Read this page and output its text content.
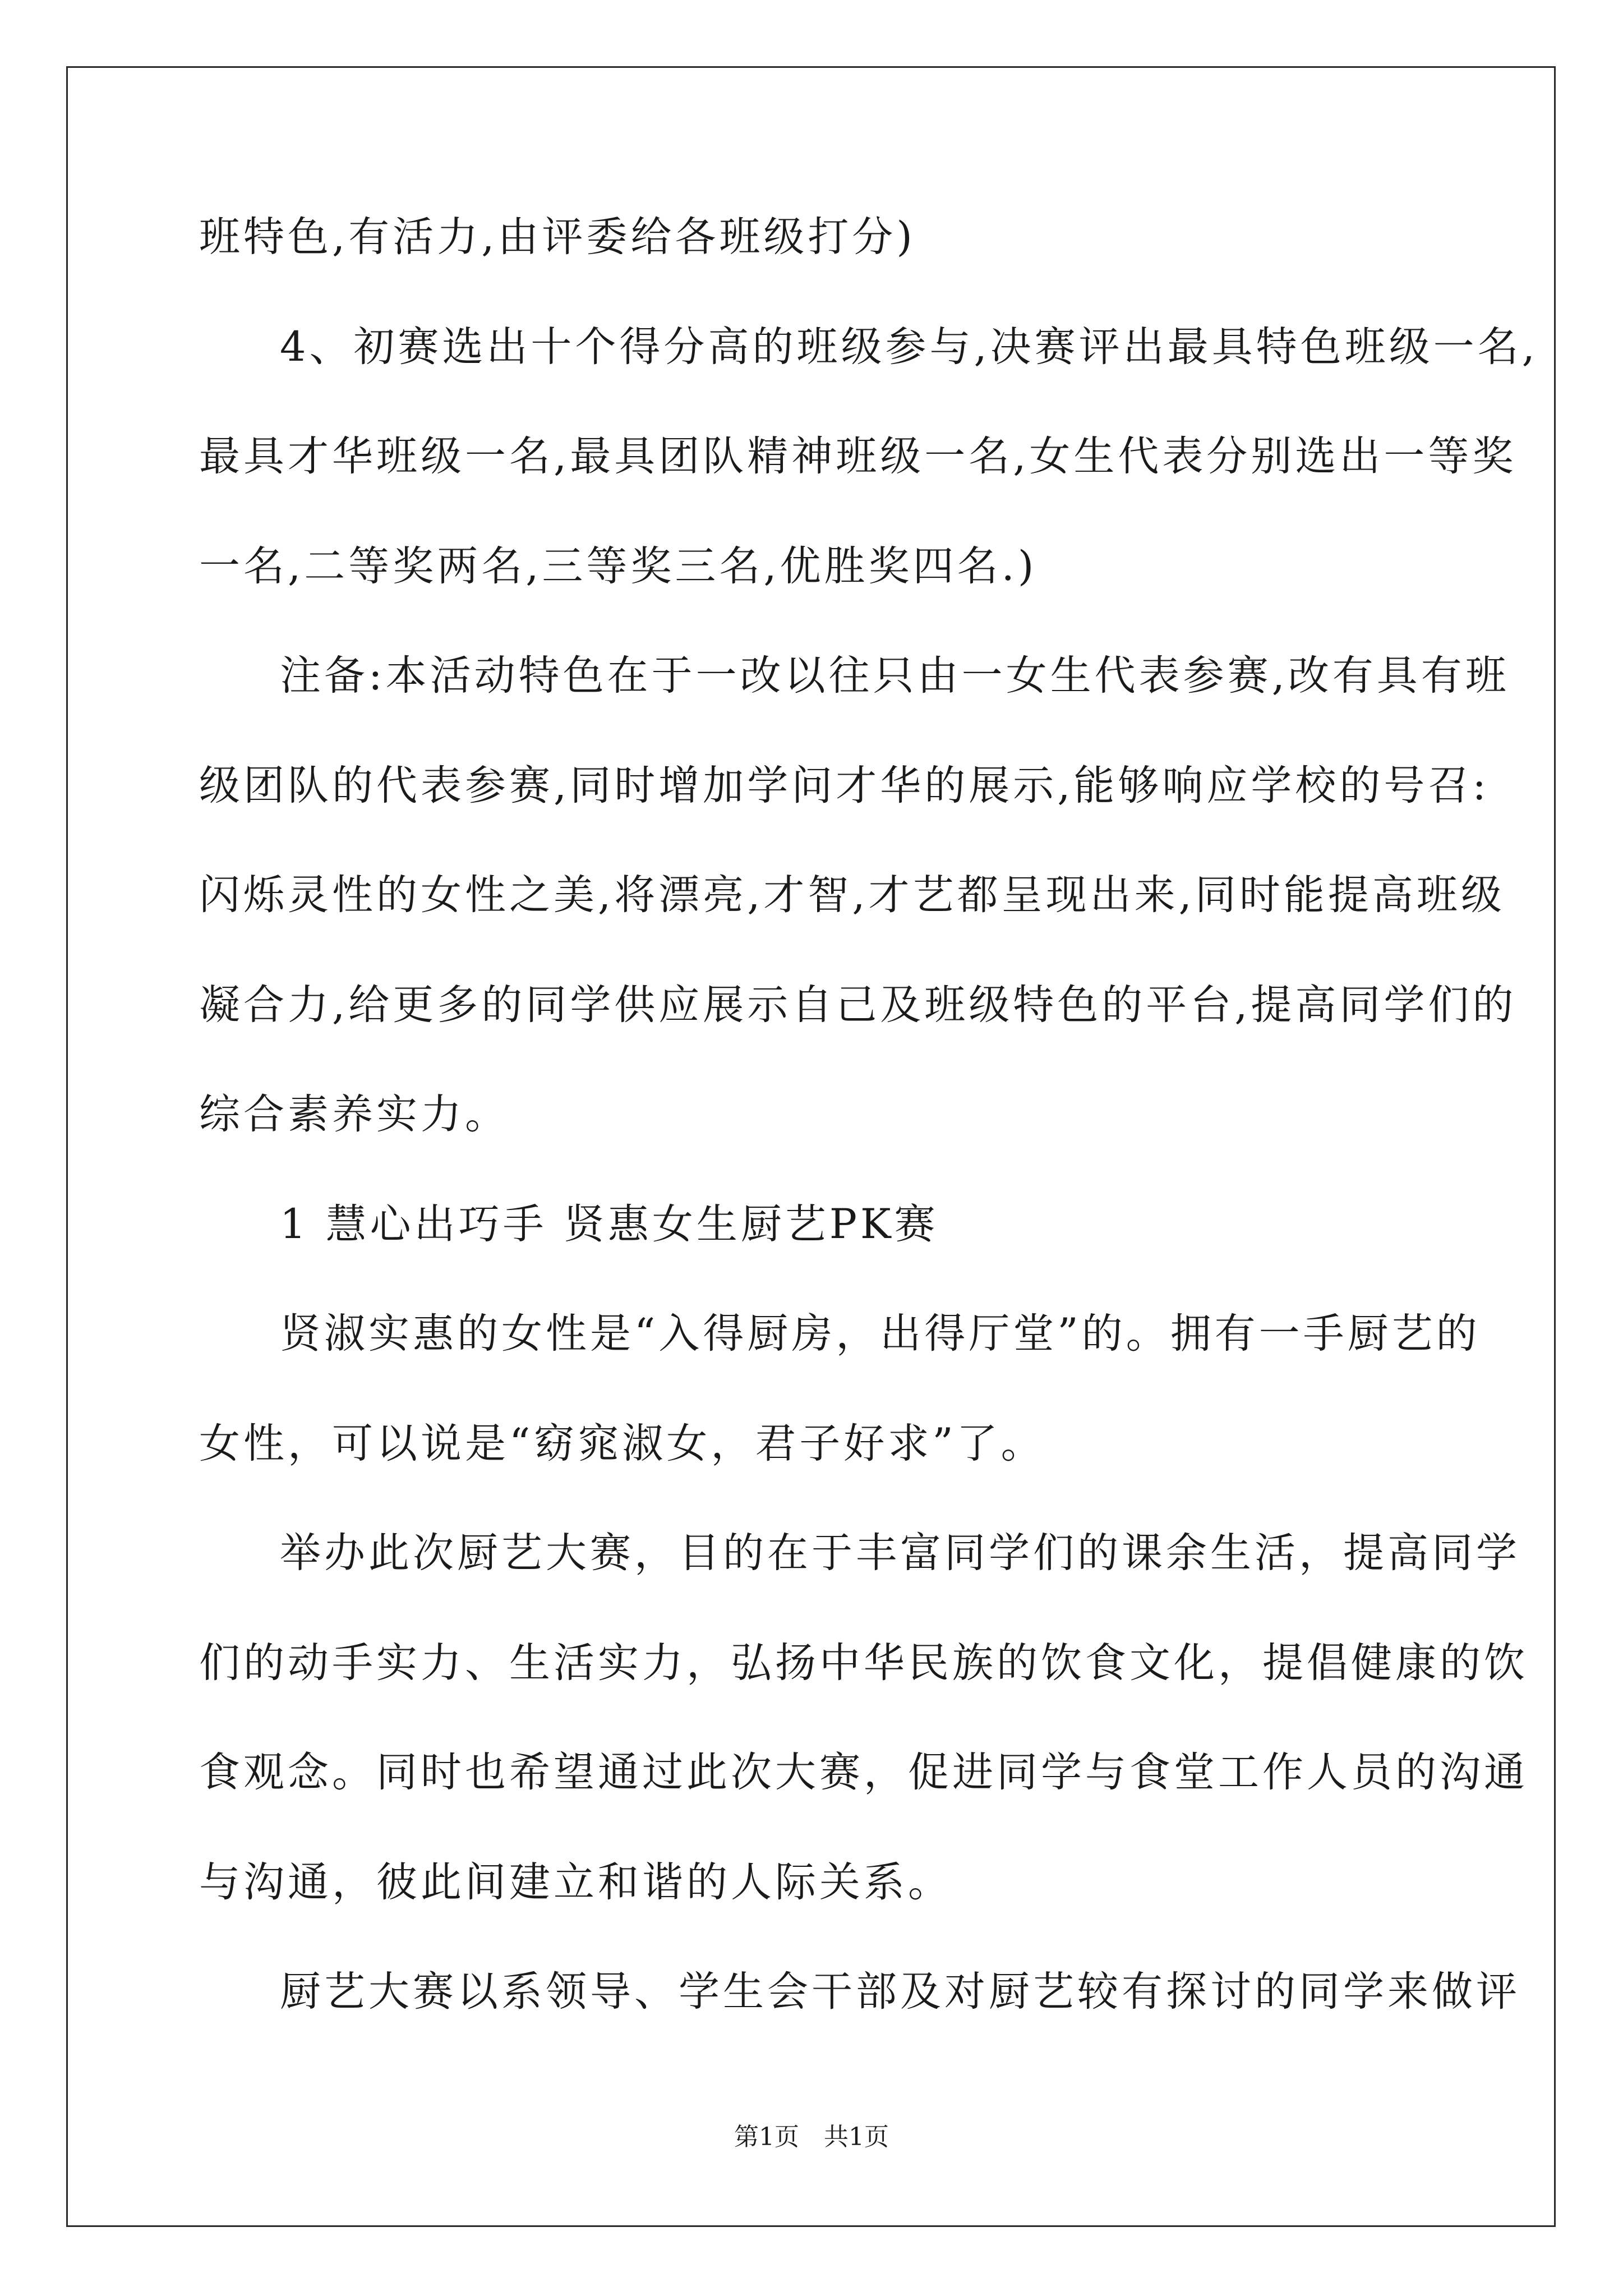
班特色,有活力,由评委给各班级打分)
4、初赛选出十个得分高的班级参与,决赛评出最具特色班级一名,
最具才华班级一名,最具团队精神班级一名,女生代表分别选出一等奖
一名,二等奖两名,三等奖三名,优胜奖四名.)
注备:本活动特色在于一改以往只由一女生代表参赛,改有具有班
级团队的代表参赛,同时增加学问才华的展示,能够响应学校的号召:
闪烁灵性的女性之美,将漂亮,才智,才艺都呈现出来,同时能提高班级
凝合力,给更多的同学供应展示自己及班级特色的平台,提高同学们的
综合素养实力。
1 慧心出巧手 贤惠女生厨艺PK赛
贤淑实惠的女性是“入得厨房，出得厅堂”的。拥有一手厨艺的
女性，可以说是“窈窕淑女，君子好求”了。
举办此次厨艺大赛，目的在于丰富同学们的课余生活，提高同学
们的动手实力、生活实力，弘扬中华民族的饮食文化，提倡健康的饮
食观念。同时也希望通过此次大赛，促进同学与食堂工作人员的沟通
与沟通，彼此间建立和谐的人际关系。
厨艺大赛以系领导、学生会干部及对厨艺较有探讨的同学来做评
第1页 共1页
